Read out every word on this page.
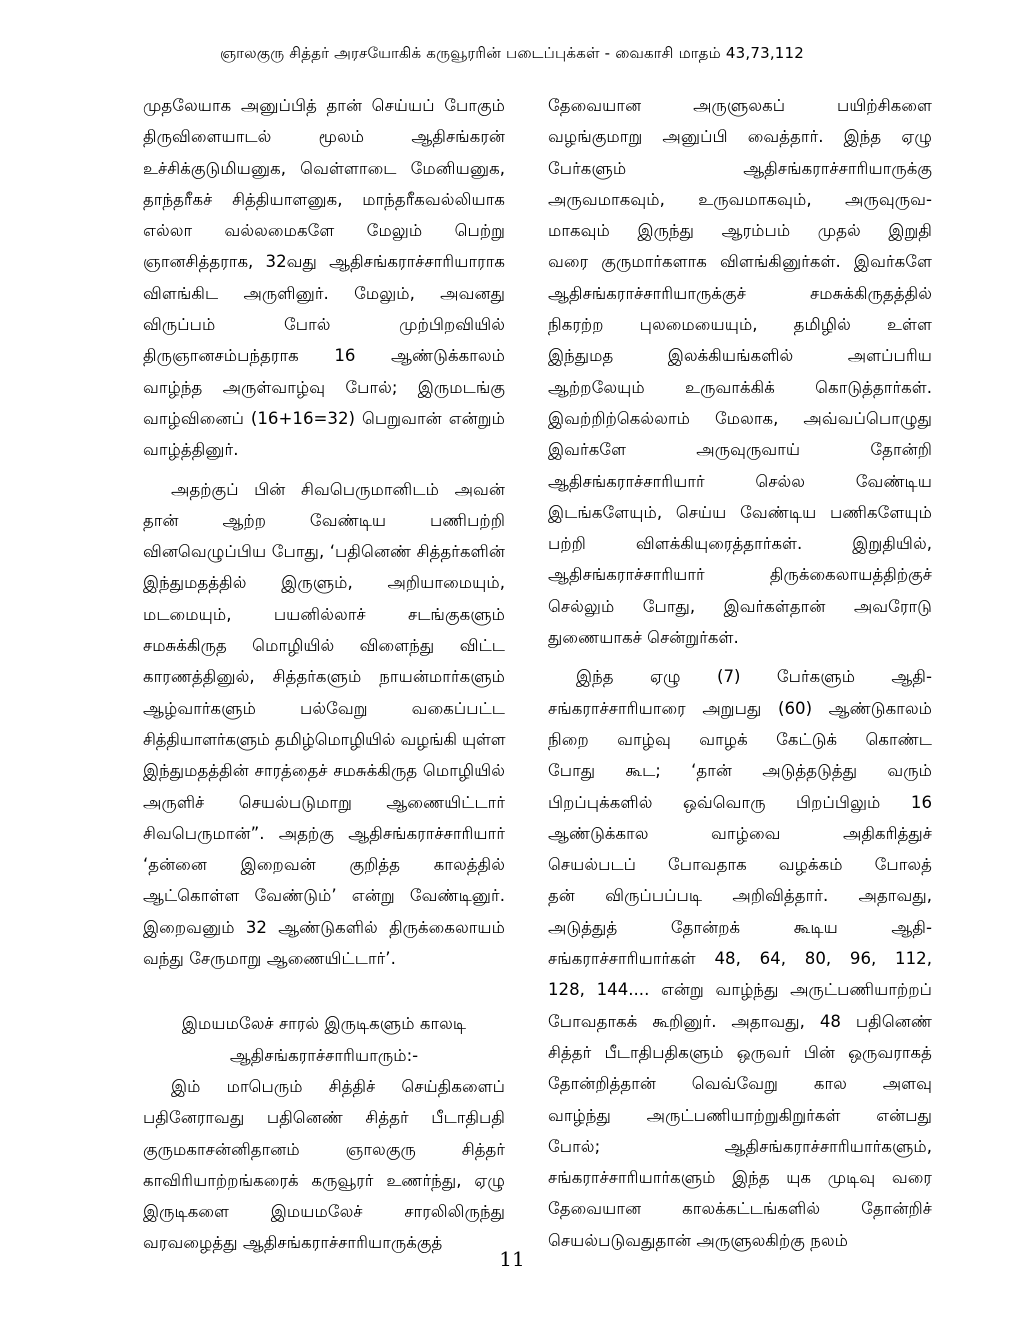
ஞாலகுரு சித்தர் அரசயோகிக் கருவூரரின் படைப்புக்கள் - வைகாசி மாதம் 43,73,112
முதலேயாக அனுப்பித் தான் செய்யப் போகும்
திருவிளையாடல் மூலம் ஆதிசங்கரன்
உச்சிக்குடுமியனுக, வெள்ளாடை மேனியனுக,
தாந்தரீகச் சித்தியாளனுக, மாந்தரீகவல்லியாக
எல்லா வல்லமைகளே மேலும் பெற்று
ஞானசித்தராக, 32வது ஆதிசங்கராச்சாரியாராக
விளங்கிட அருளினுர். மேலும், அவனது
விருப்பம் போல் முற்பிறவியில்
திருஞானசம்பந்தராக 16 ஆண்டுக்காலம்
வாழ்ந்த அருள்வாழ்வு போல்; இருமடங்கு
வாழ்வினைப் (16+16=32) பெறுவான் என்றும்
வாழ்த்தினுர்.
அதற்குப் பின் சிவபெருமானிடம் அவன்
தான் ஆற்ற வேண்டிய பணிபற்றி
வினவெழுப்பிய போது, ‘பதினெண் சித்தர்களின்
இந்துமதத்தில் இருளும், அறியாமையும்,
மடமையும், பயனில்லாச் சடங்குகளும்
சமசுக்கிருத மொழியில் விளைந்து விட்ட
காரணத்தினுல், சித்தர்களும் நாயன்மார்களும்
ஆழ்வார்களும் பல்வேறு வகைப்பட்ட
சித்தியாளர்களும் தமிழ்மொழியில் வழங்கி யுள்ள
இந்துமதத்தின் சாரத்தைச் சமசுக்கிருத மொழியில்
அருளிச் செயல்படுமாறு ஆணையிட்டார்
சிவபெருமான்”. அதற்கு ஆதிசங்கராச்சாரியார்
‘தன்னை இறைவன் குறித்த காலத்தில்
ஆட்கொள்ள வேண்டும்’ என்று வேண்டினுர்.
இறைவனும் 32 ஆண்டுகளில் திருக்கைலாயம்
வந்து சேருமாறு ஆணையிட்டார்’.
இமயமலேச் சாரல் இருடிகளும் காலடி
ஆதிசங்கராச்சாரியாரும்:-
இம் மாபெரும் சித்திச் செய்திகளைப்
பதினேராவது பதினெண் சித்தர் பீடாதிபதி
குருமகாசன்னிதானம் ஞாலகுரு சித்தர்
காவிரியாற்றங்கரைக் கருவூரர் உணர்ந்து, ஏழு
இருடிகளை இமயமலேச் சாரலிலிருந்து
வரவழைத்து ஆதிசங்கராச்சாரியாருக்குத்
தேவையான அருளுலகப் பயிற்சிகளை
வழங்குமாறு அனுப்பி வைத்தார். இந்த ஏழு
பேர்களும் ஆதிசங்கராச்சாரியாருக்கு
அருவமாகவும், உருவமாகவும், அருவுருவ-
மாகவும் இருந்து ஆரம்பம் முதல் இறுதி
வரை குருமார்களாக விளங்கினுர்கள். இவர்களே
ஆதிசங்கராச்சாரியாருக்குச் சமசுக்கிருதத்தில்
நிகரற்ற புலமையையும், தமிழில் உள்ள
இந்துமத இலக்கியங்களில் அளப்பரிய
ஆற்றலேயும் உருவாக்கிக் கொடுத்தார்கள்.
இவற்றிற்கெல்லாம் மேலாக, அவ்வப்பொழுது
இவர்களே அருவுருவாய் தோன்றி
ஆதிசங்கராச்சாரியார் செல்ல வேண்டிய
இடங்களேயும், செய்ய வேண்டிய பணிகளேயும்
பற்றி விளக்கியுரைத்தார்கள். இறுதியில்,
ஆதிசங்கராச்சாரியார் திருக்கைலாயத்திற்குச்
செல்லும் போது, இவர்கள்தான் அவரோடு
துணையாகச் சென்றுர்கள்.
இந்த ஏழு (7) பேர்களும் ஆதி-
சங்கராச்சாரியாரை அறுபது (60) ஆண்டுகாலம்
நிறை வாழ்வு வாழக் கேட்டுக் கொண்ட
போது கூட; ‘தான் அடுத்தடுத்து வரும்
பிறப்புக்களில் ஒவ்வொரு பிறப்பிலும் 16
ஆண்டுக்கால வாழ்வை அதிகரித்துச்
செயல்படப் போவதாக வழக்கம் போலத்
தன் விருப்பப்படி அறிவித்தார். அதாவது,
அடுத்துத் தோன்றக் கூடிய ஆதி-
சங்கராச்சாரியார்கள் 48, 64, 80, 96, 112,
128, 144.... என்று வாழ்ந்து அருட்பணியாற்றப்
போவதாகக் கூறினுர். அதாவது, 48 பதினெண்
சித்தர் பீடாதிபதிகளும் ஒருவர் பின் ஒருவராகத்
தோன்றித்தான் வெவ்வேறு கால அளவு
வாழ்ந்து அருட்பணியாற்றுகிறுர்கள் என்பது
போல்; ஆதிசங்கராச்சாரியார்களும்,
சங்கராச்சாரியார்களும் இந்த யுக முடிவு வரை
தேவையான காலக்கட்டங்களில் தோன்றிச்
செயல்படுவதுதான் அருளுலகிற்கு நலம்
11
